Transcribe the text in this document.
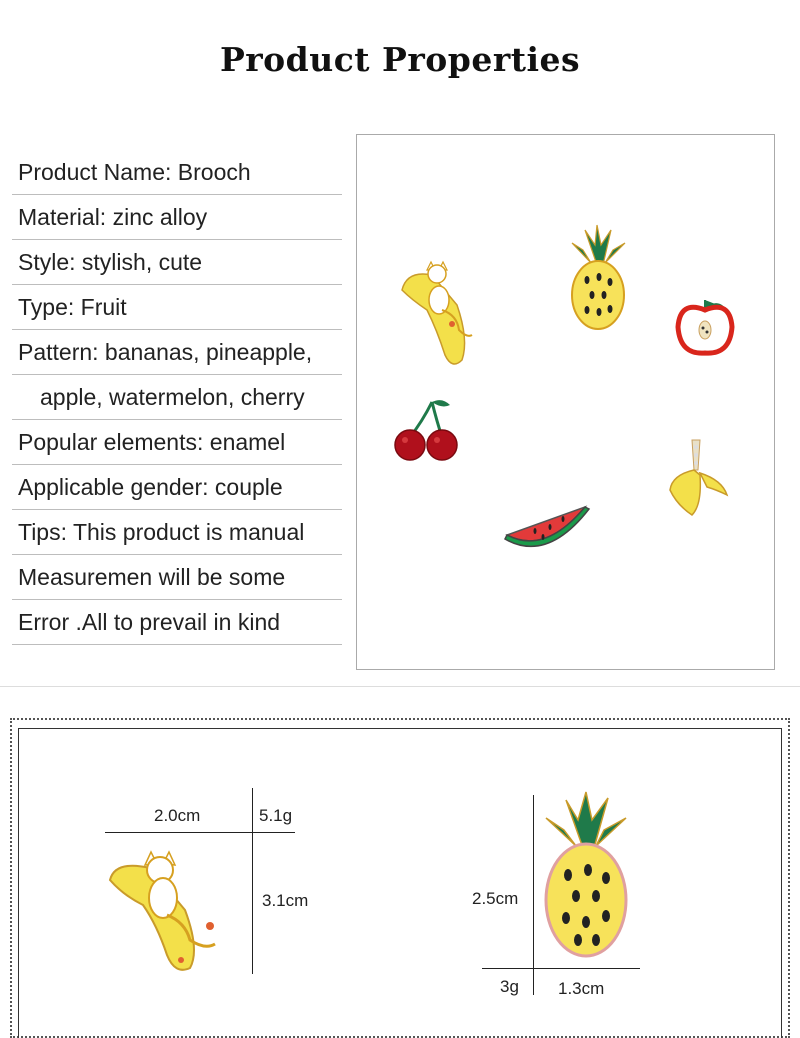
Product Properties
Product Name: Brooch
Material: zinc alloy
Style: stylish, cute
Type: Fruit
Pattern: bananas, pineapple,
apple, watermelon, cherry
Popular elements: enamel
Applicable gender: couple
Tips: This product is manual
Measuremen will be some
Error .All to prevail in kind
2.0cm	5.1g
3.1cm	2.5cm
3g 1.3cm
